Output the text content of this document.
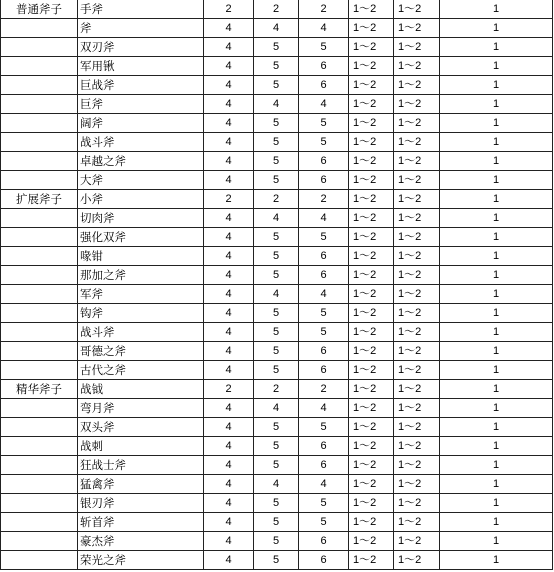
普通斧子	手斧	2	2	2	1～2	1～2	1
	斧	4	4	4	1～2	1～2	1
	双刃斧	4	5	5	1～2	1～2	1
	军用锹	4	5	6	1～2	1～2	1
	巨战斧	4	5	6	1～2	1～2	1
	巨斧	4	4	4	1～2	1～2	1
	阔斧	4	5	5	1～2	1～2	1
	战斗斧	4	5	5	1～2	1～2	1
	卓越之斧	4	5	6	1～2	1～2	1
	大斧	4	5	6	1～2	1～2	1
扩展斧子	小斧	2	2	2	1～2	1～2	1
	切肉斧	4	4	4	1～2	1～2	1
	强化双斧	4	5	5	1～2	1～2	1
	喙钳	4	5	6	1～2	1～2	1
	那加之斧	4	5	6	1～2	1～2	1
	军斧	4	4	4	1～2	1～2	1
	钩斧	4	5	5	1～2	1～2	1
	战斗斧	4	5	5	1～2	1～2	1
	哥德之斧	4	5	6	1～2	1～2	1
	古代之斧	4	5	6	1～2	1～2	1
精华斧子	战钺	2	2	2	1～2	1～2	1
	弯月斧	4	4	4	1～2	1～2	1
	双头斧	4	5	5	1～2	1～2	1
	战刺	4	5	6	1～2	1～2	1
	狂战士斧	4	5	6	1～2	1～2	1
	猛禽斧	4	4	4	1～2	1～2	1
	银刃斧	4	5	5	1～2	1～2	1
	斩首斧	4	5	5	1～2	1～2	1
	豪杰斧	4	5	6	1～2	1～2	1
	荣光之斧	4	5	6	1～2	1～2	1
